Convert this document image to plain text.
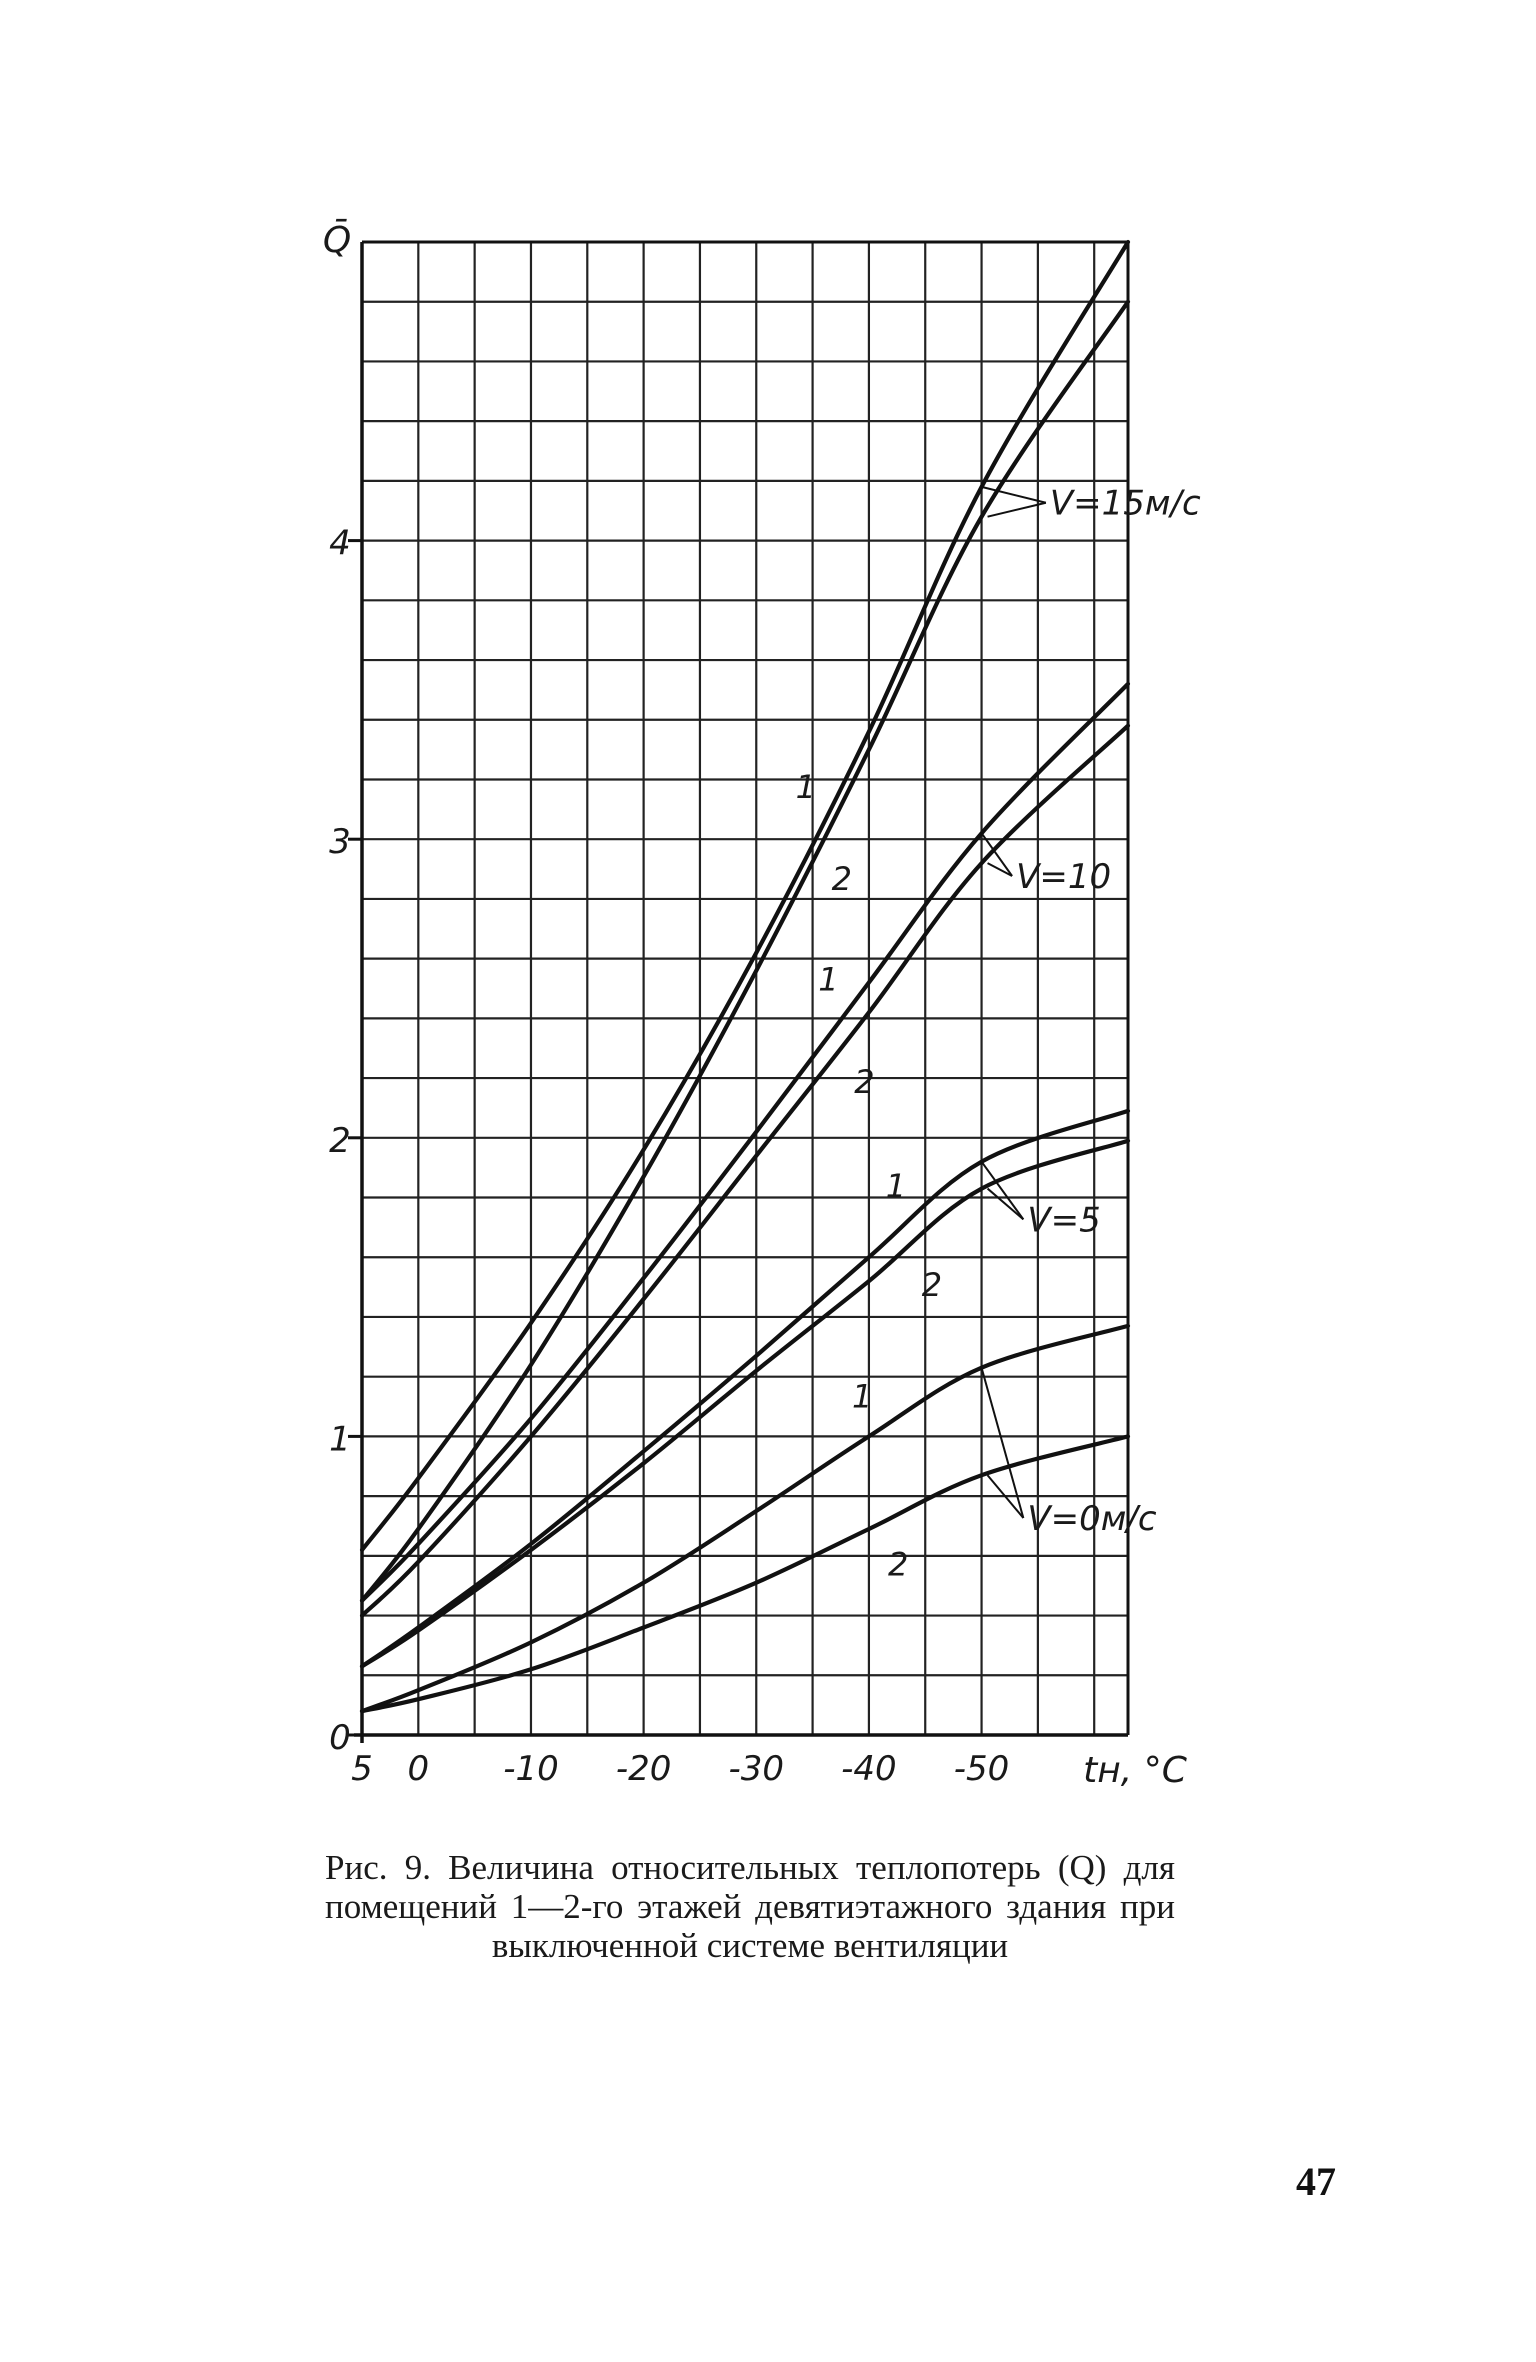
5 0 -10 -20 -30 -40 -50
0
1
2
3
4
tн, °C
Q̄
V=15м/c
V=10
V=5
V=0м/c
1
2
1
2
1
2
1
2
Рис. 9. Величина относительных теплопотерь (Q) для помещений 1—2-го этажей девятиэтажного здания при выключенной системе вентиляции
47
